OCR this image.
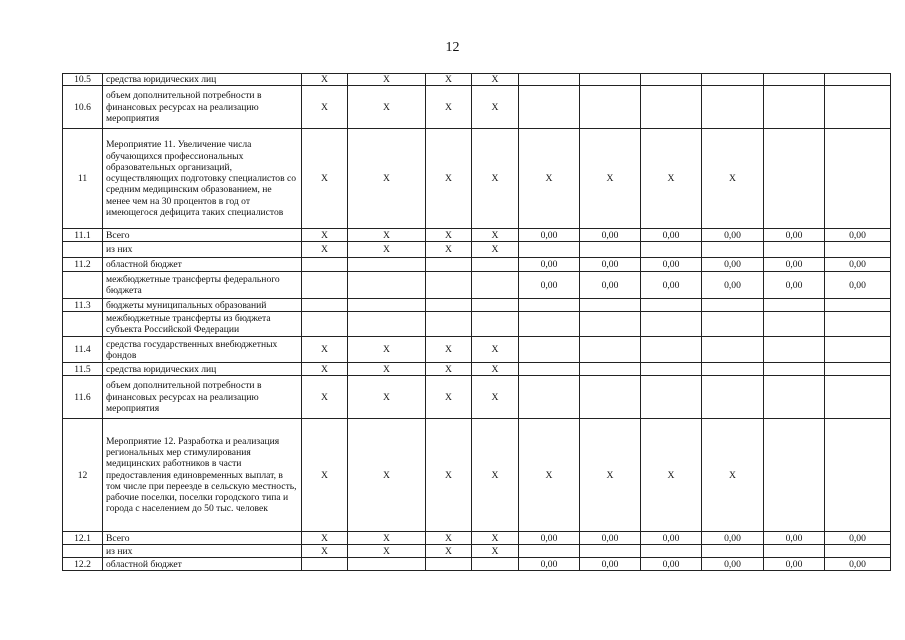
12
10.5	средства юридических лиц	X	X	X	X						
10.6	объем дополнительной потребности в финансовых ресурсах на реализацию мероприятия	X	X	X	X						
11	Мероприятие 11. Увеличение числа обучающихся профессиональных образовательных организаций, осуществляющих подготовку специалистов со средним медицинским образованием, не менее чем на 30 процентов в год от имеющегося дефицита таких специалистов	X	X	X	X	X	X	X	X		
11.1	Всего	X	X	X	X	0,00	0,00	0,00	0,00	0,00	0,00
	из них	X	X	X	X						
11.2	областной бюджет					0,00	0,00	0,00	0,00	0,00	0,00
	межбюджетные трансферты федерального бюджета					0,00	0,00	0,00	0,00	0,00	0,00
11.3	бюджеты муниципальных образований										
	межбюджетные трансферты из бюджета субъекта Российской Федерации										
11.4	средства государственных внебюджетных фондов	X	X	X	X						
11.5	средства юридических лиц	X	X	X	X						
11.6	объем дополнительной потребности в финансовых ресурсах на реализацию мероприятия	X	X	X	X						
12	Мероприятие 12. Разработка и реализация региональных мер стимулирования медицинских работников в части предоставления единовременных выплат, в том числе при переезде в сельскую местность, рабочие поселки, поселки городского типа и города с населением до 50 тыс. человек	X	X	X	X	X	X	X	X		
12.1	Всего	X	X	X	X	0,00	0,00	0,00	0,00	0,00	0,00
	из них	X	X	X	X						
12.2	областной бюджет					0,00	0,00	0,00	0,00	0,00	0,00
